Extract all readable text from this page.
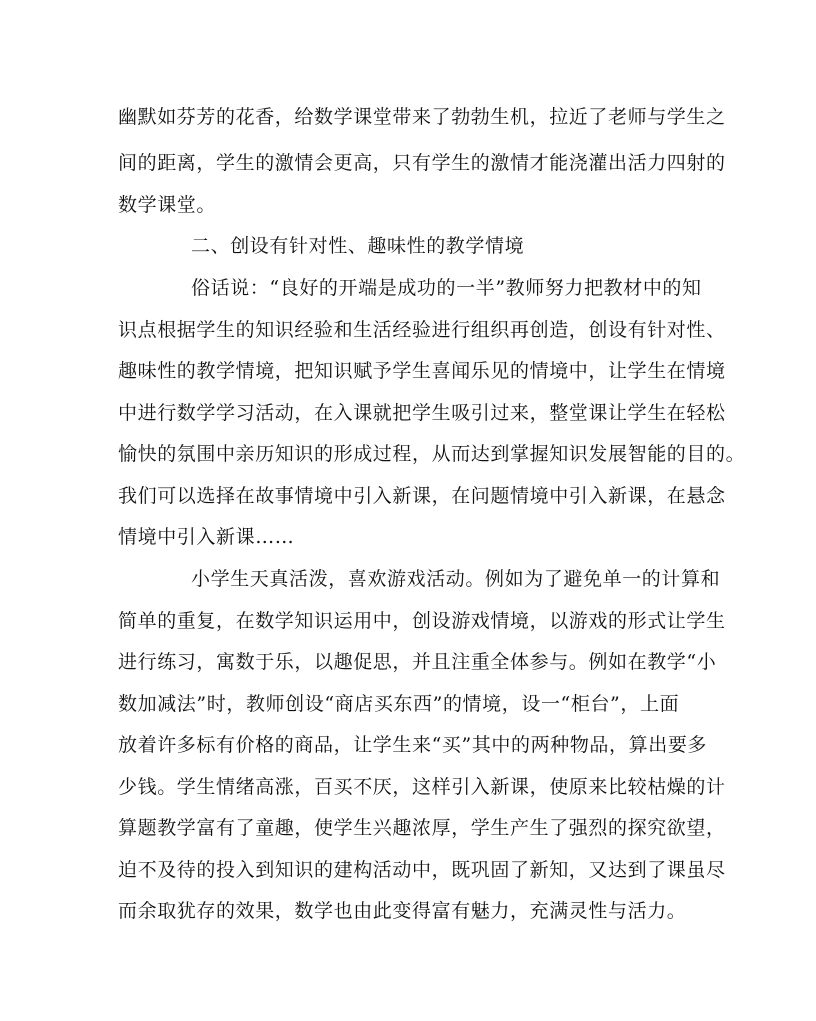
幽默如芬芳的花香，给数学课堂带来了勃勃生机，拉近了老师与学生之
间的距离，学生的激情会更高，只有学生的激情才能浇灌出活力四射的
数学课堂。
二、创设有针对性、趣味性的教学情境
俗话说：“良好的开端是成功的一半”教师努力把教材中的知
识点根据学生的知识经验和生活经验进行组织再创造，创设有针对性、
趣味性的教学情境，把知识赋予学生喜闻乐见的情境中，让学生在情境
中进行数学学习活动，在入课就把学生吸引过来，整堂课让学生在轻松
愉快的氛围中亲历知识的形成过程，从而达到掌握知识发展智能的目的。
我们可以选择在故事情境中引入新课，在问题情境中引入新课，在悬念
情境中引入新课……
小学生天真活泼，喜欢游戏活动。例如为了避免单一的计算和
简单的重复，在数学知识运用中，创设游戏情境，以游戏的形式让学生
进行练习，寓数于乐，以趣促思，并且注重全体参与。例如在教学“小
数加减法”时，教师创设“商店买东西”的情境，设一“柜台”，上面
放着许多标有价格的商品，让学生来“买”其中的两种物品，算出要多
少钱。学生情绪高涨，百买不厌，这样引入新课，使原来比较枯燥的计
算题教学富有了童趣，使学生兴趣浓厚，学生产生了强烈的探究欲望，
迫不及待的投入到知识的建构活动中，既巩固了新知，又达到了课虽尽
而余取犹存的效果，数学也由此变得富有魅力，充满灵性与活力。
